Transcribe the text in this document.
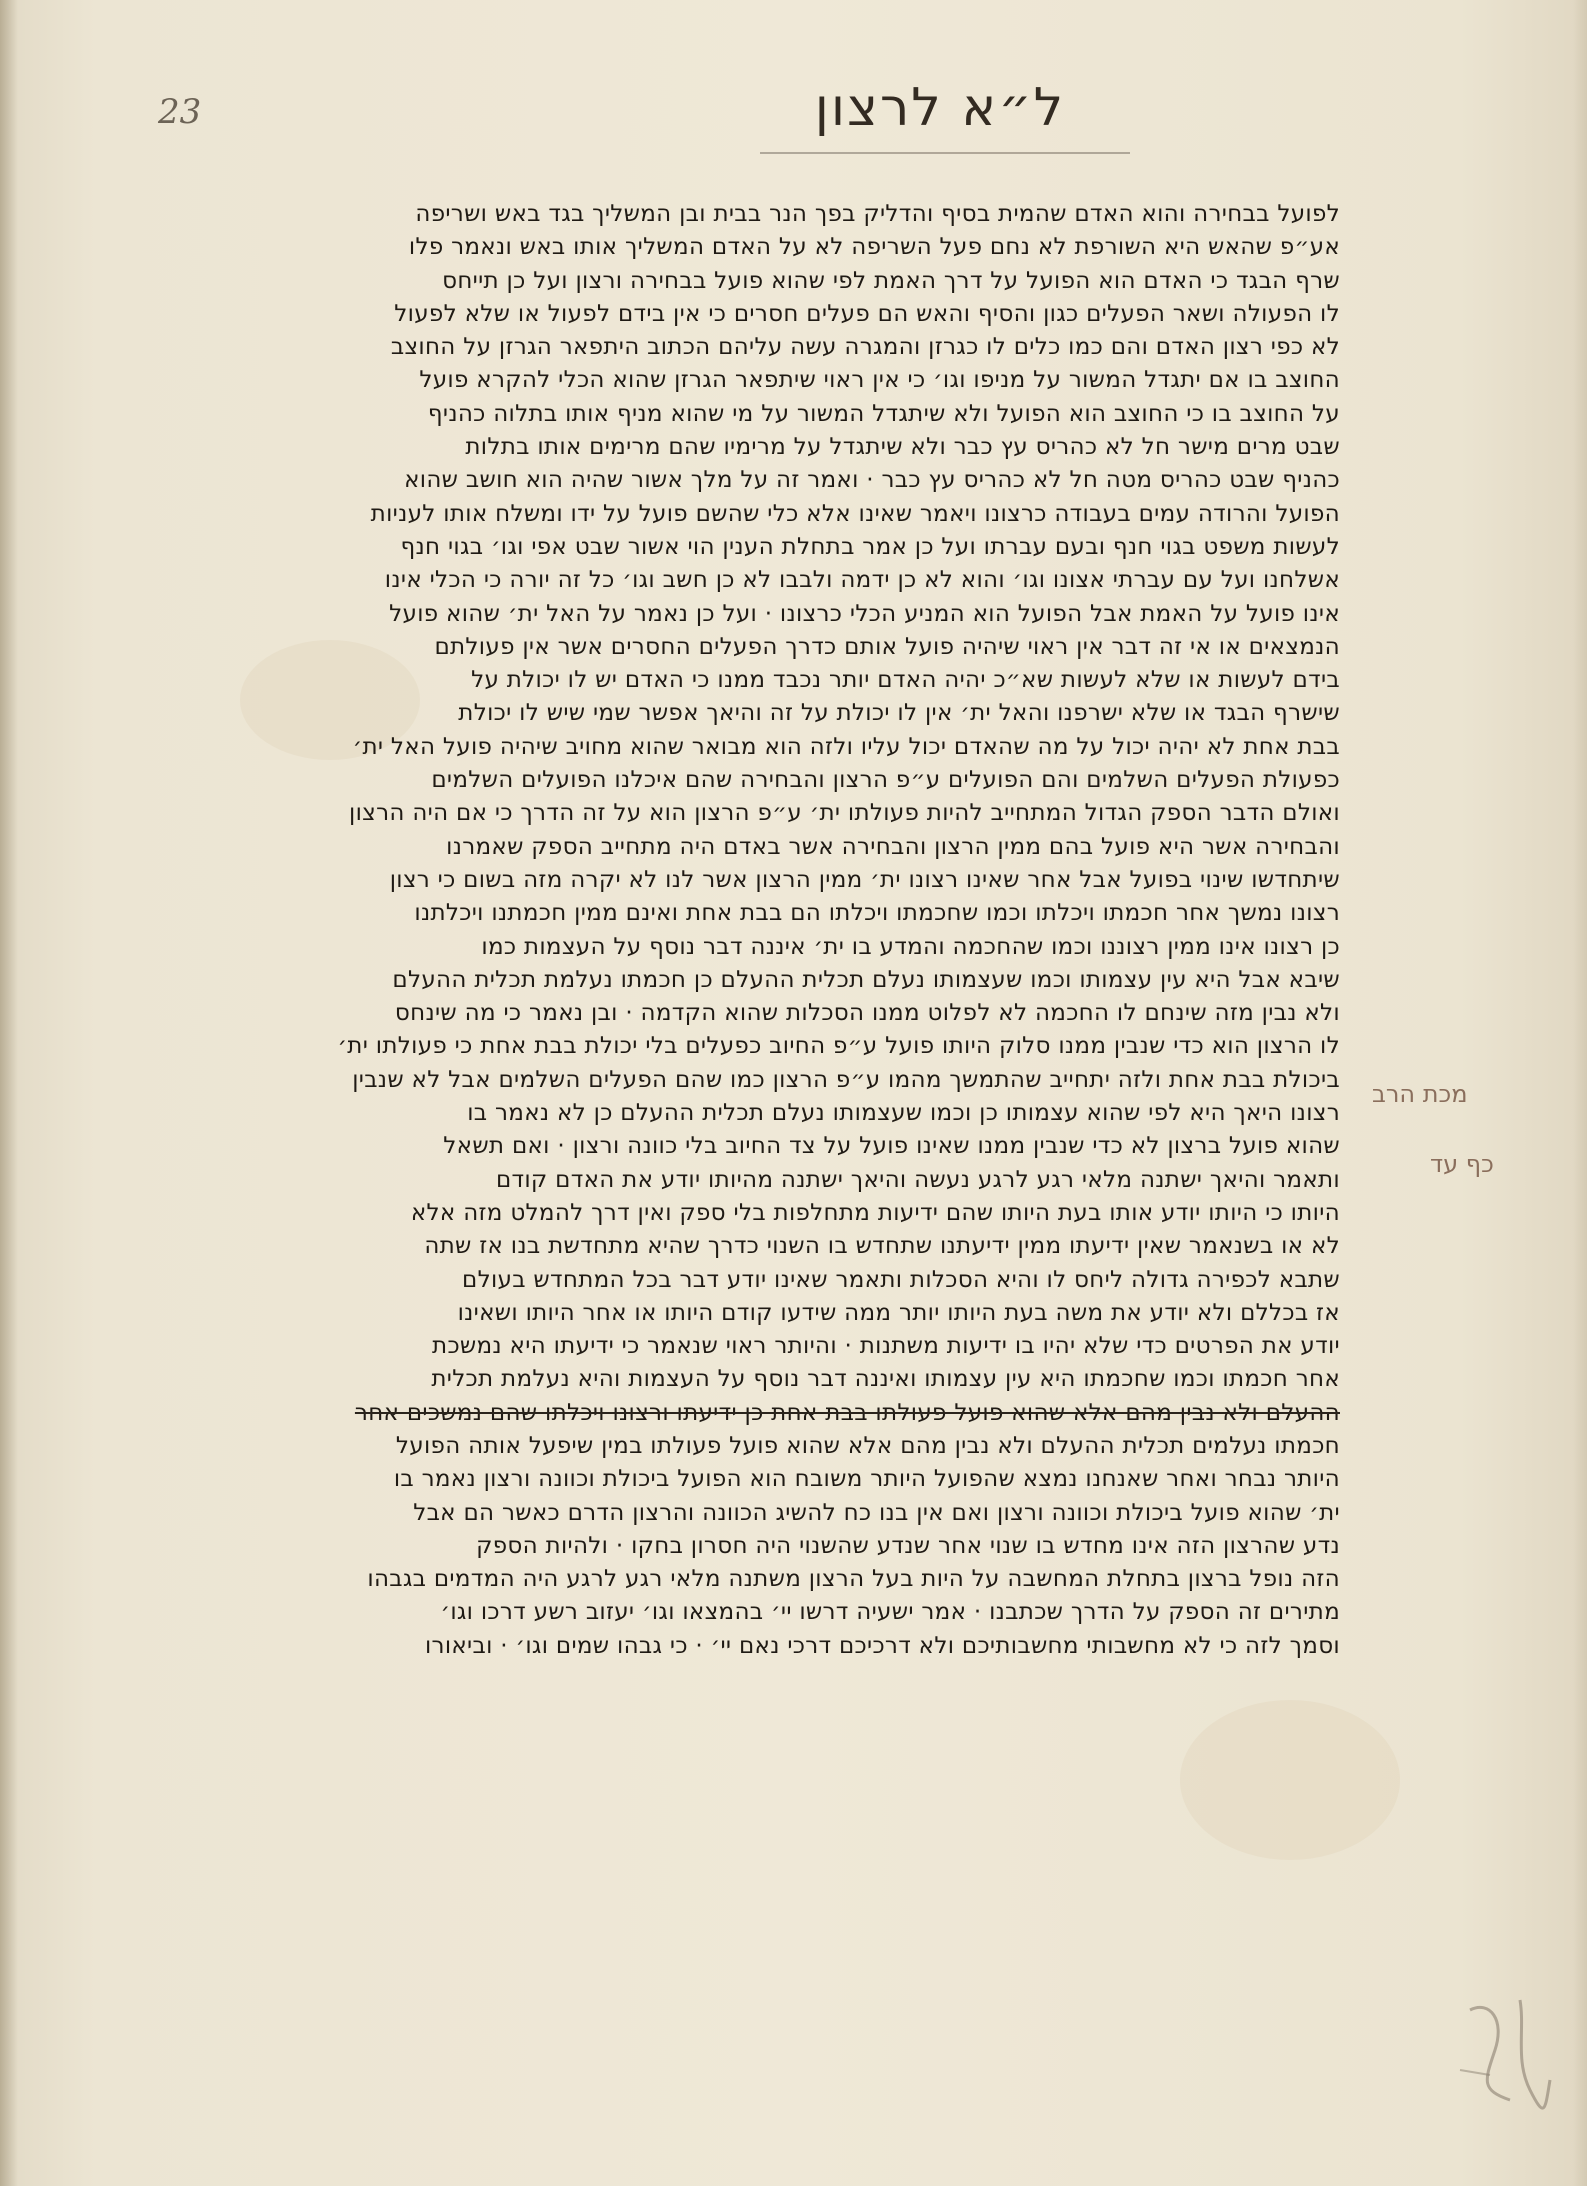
23	ל״א לרצון
לפועל בבחירה והוא האדם שהמית בסיף והדליק בפך הנר בבית ובן המשליך בגד באש ושריפה
אע״פ שהאש היא השורפת לא נחם פעל השריפה לא על האדם המשליך אותו באש ונאמר פלו
שרף הבגד כי האדם הוא הפועל על דרך האמת לפי שהוא פועל בבחירה ורצון ועל כן תייחס
לו הפעולה ושאר הפעלים כגון והסיף והאש הם פעלים חסרים כי אין בידם לפעול או שלא לפעול
לא כפי רצון האדם והם כמו כלים לו כגרזן והמגרה עשה עליהם הכתוב היתפאר הגרזן על החוצב
החוצב בו אם יתגדל המשור על מניפו וגו׳ כי אין ראוי שיתפאר הגרזן שהוא הכלי להקרא פועל
על החוצב בו כי החוצב הוא הפועל ולא שיתגדל המשור על מי שהוא מניף אותו בתלוה כהניף
שבט מרים מישר חל לא כהריס עץ כבר ולא שיתגדל על מרימיו שהם מרימים אותו בתלות
כהניף שבט כהריס מטה חל לא כהריס עץ כבר · ואמר זה על מלך אשור שהיה הוא חושב שהוא
הפועל והרודה עמים בעבודה כרצונו ויאמר שאינו אלא כלי שהשם פועל על ידו ומשלח אותו לעניות
לעשות משפט בגוי חנף ובעם עברתו ועל כן אמר בתחלת הענין הוי אשור שבט אפי וגו׳ בגוי חנף
אשלחנו ועל עם עברתי אצונו וגו׳ והוא לא כן ידמה ולבבו לא כן חשב וגו׳ כל זה יורה כי הכלי אינו
אינו פועל על האמת אבל הפועל הוא המניע הכלי כרצונו · ועל כן נאמר על האל ית׳ שהוא פועל
הנמצאים או אי זה דבר אין ראוי שיהיה פועל אותם כדרך הפעלים החסרים אשר אין פעולתם
בידם לעשות או שלא לעשות שא״כ יהיה האדם יותר נכבד ממנו כי האדם יש לו יכולת על
שישרף הבגד או שלא ישרפנו והאל ית׳ אין לו יכולת על זה והיאך אפשר שמי שיש לו יכולת
בבת אחת לא יהיה יכול על מה שהאדם יכול עליו ולזה הוא מבואר שהוא מחויב שיהיה פועל האל ית׳
כפעולת הפעלים השלמים והם הפועלים ע״פ הרצון והבחירה שהם איכלנו הפועלים השלמים
ואולם הדבר הספק הגדול המתחייב להיות פעולתו ית׳ ע״פ הרצון הוא על זה הדרך כי אם היה הרצון
והבחירה אשר היא פועל בהם ממין הרצון והבחירה אשר באדם היה מתחייב הספק שאמרנו
שיתחדשו שינוי בפועל אבל אחר שאינו רצונו ית׳ ממין הרצון אשר לנו לא יקרה מזה בשום כי רצון
רצונו נמשך אחר חכמתו ויכלתו וכמו שחכמתו ויכלתו הם בבת אחת ואינם ממין חכמתנו ויכלתנו
כן רצונו אינו ממין רצוננו וכמו שהחכמה והמדע בו ית׳ איננה דבר נוסף על העצמות כמו
שיבא אבל היא עין עצמותו וכמו שעצמותו נעלם תכלית ההעלם כן חכמתו נעלמת תכלית ההעלם
ולא נבין מזה שינחם לו החכמה לא לפלוט ממנו הסכלות שהוא הקדמה · ובן נאמר כי מה שינחס
לו הרצון הוא כדי שנבין ממנו סלוק היותו פועל ע״פ החיוב כפעלים בלי יכולת בבת אחת כי פעולתו ית׳
ביכולת בבת אחת ולזה יתחייב שהתמשך מהמו ע״פ הרצון כמו שהם הפעלים השלמים אבל לא שנבין
רצונו היאך היא לפי שהוא עצמותו כן וכמו שעצמותו נעלם תכלית ההעלם כן לא נאמר בו
שהוא פועל ברצון לא כדי שנבין ממנו שאינו פועל על צד החיוב בלי כוונה ורצון · ואם תשאל
ותאמר והיאך ישתנה מלאי רגע לרגע נעשה והיאך ישתנה מהיותו יודע את האדם קודם
היותו כי היותו יודע אותו בעת היותו שהם ידיעות מתחלפות בלי ספק ואין דרך להמלט מזה אלא
לא או בשנאמר שאין ידיעתו ממין ידיעתנו שתחדש בו השנוי כדרך שהיא מתחדשת בנו אז שתה
שתבא לכפירה גדולה ליחס לו והיא הסכלות ותאמר שאינו יודע דבר בכל המתחדש בעולם
אז בכללם ולא יודע את משה בעת היותו יותר ממה שידעו קודם היותו או אחר היותו ושאינו
יודע את הפרטים כדי שלא יהיו בו ידיעות משתנות · והיותר ראוי שנאמר כי ידיעתו היא נמשכת
אחר חכמתו וכמו שחכמתו היא עין עצמותו ואיננה דבר נוסף על העצמות והיא נעלמת תכלית
ההעלם ולא נבין מהם אלא שהוא פועל פעולתו בבת אחת כן ידיעתו ורצונו ויכלתו שהם נמשכים אחר
חכמתו נעלמים תכלית ההעלם ולא נבין מהם אלא שהוא פועל פעולתו במין שיפעל אותה הפועל
היותר נבחר ואחר שאנחנו נמצא שהפועל היותר משובח הוא הפועל ביכולת וכוונה ורצון נאמר בו
ית׳ שהוא פועל ביכולת וכוונה ורצון ואם אין בנו כח להשיג הכוונה והרצון הדרם כאשר הם אבל
נדע שהרצון הזה אינו מחדש בו שנוי אחר שנדע שהשנוי היה חסרון בחקו · ולהיות הספק
הזה נופל ברצון בתחלת המחשבה על היות בעל הרצון משתנה מלאי רגע לרגע היה המדמים בגבהו
מתירים זה הספק על הדרך שכתבנו · אמר ישעיה דרשו יי׳ בהמצאו וגו׳ יעזוב רשע דרכו וגו׳
וסמך לזה כי לא מחשבותי מחשבותיכם ולא דרכיכם דרכי נאם יי׳ · כי גבהו שמים וגו׳ · וביאורו
מכת הרב
כף עד
